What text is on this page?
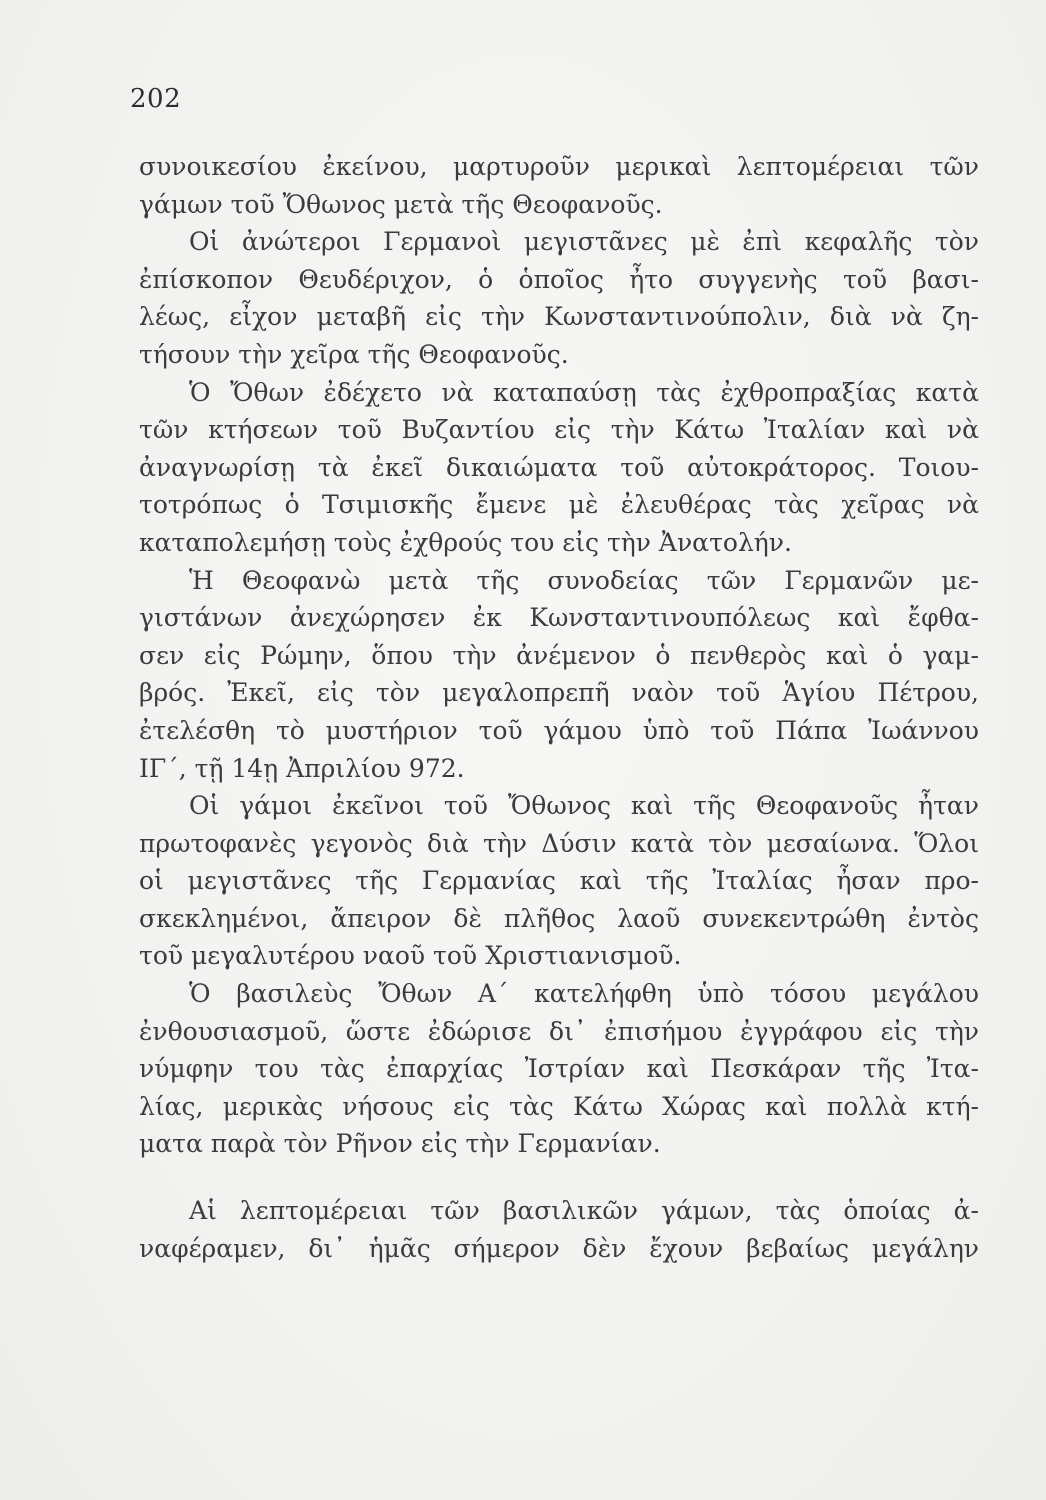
202

συνοικεσίου ἐκείνου, μαρτυροῦν μερικαὶ λεπτομέρειαι τῶν
γάμων τοῦ Ὄθωνος μετὰ τῆς Θεοφανοῦς.
Οἱ ἀνώτεροι Γερμανοὶ μεγιστᾶνες μὲ ἐπὶ κεφαλῆς τὸν
ἐπίσκοπον Θευδέριχον, ὁ ὁποῖος ἦτο συγγενὴς τοῦ βασι-
λέως, εἶχον μεταβῆ εἰς τὴν Κωνσταντινούπολιν, διὰ νὰ ζη-
τήσουν τὴν χεῖρα τῆς Θεοφανοῦς.
Ὁ Ὄθων ἐδέχετο νὰ καταπαύσῃ τὰς ἐχθροπραξίας κατὰ
τῶν κτήσεων τοῦ Βυζαντίου εἰς τὴν Κάτω Ἰταλίαν καὶ νὰ
ἀναγνωρίσῃ τὰ ἐκεῖ δικαιώματα τοῦ αὐτοκράτορος. Τοιου-
τοτρόπως ὁ Τσιμισκῆς ἔμενε μὲ ἐλευθέρας τὰς χεῖρας νὰ
καταπολεμήσῃ τοὺς ἐχθρούς του εἰς τὴν Ἀνατολήν.
Ἡ Θεοφανὼ μετὰ τῆς συνοδείας τῶν Γερμανῶν με-
γιστάνων ἀνεχώρησεν ἐκ Κωνσταντινουπόλεως καὶ ἔφθα-
σεν εἰς Ρώμην, ὅπου τὴν ἀνέμενον ὁ πενθερὸς καὶ ὁ γαμ-
βρός. Ἐκεῖ, εἰς τὸν μεγαλοπρεπῆ ναὸν τοῦ Ἁγίου Πέτρου,
ἐτελέσθη τὸ μυστήριον τοῦ γάμου ὑπὸ τοῦ Πάπα Ἰωάννου
ΙΓ΄, τῇ 14ῃ Ἀπριλίου 972.
Οἱ γάμοι ἐκεῖνοι τοῦ Ὄθωνος καὶ τῆς Θεοφανοῦς ἦταν
πρωτοφανὲς γεγονὸς διὰ τὴν Δύσιν κατὰ τὸν μεσαίωνα. Ὅλοι
οἱ μεγιστᾶνες τῆς Γερμανίας καὶ τῆς Ἰταλίας ἦσαν προ-
σκεκλημένοι, ἄπειρον δὲ πλῆθος λαοῦ συνεκεντρώθη ἐντὸς
τοῦ μεγαλυτέρου ναοῦ τοῦ Χριστιανισμοῦ.
Ὁ βασιλεὺς Ὄθων Α΄ κατελήφθη ὑπὸ τόσου μεγάλου
ἐνθουσιασμοῦ, ὥστε ἐδώρισε δι᾽ ἐπισήμου ἐγγράφου εἰς τὴν
νύμφην του τὰς ἐπαρχίας Ἰστρίαν καὶ Πεσκάραν τῆς Ἰτα-
λίας, μερικὰς νήσους εἰς τὰς Κάτω Χώρας καὶ πολλὰ κτή-
ματα παρὰ τὸν Ρῆνον εἰς τὴν Γερμανίαν.
Αἱ λεπτομέρειαι τῶν βασιλικῶν γάμων, τὰς ὁποίας ἀ-
ναφέραμεν, δι᾽ ἡμᾶς σήμερον δὲν ἔχουν βεβαίως μεγάλην
